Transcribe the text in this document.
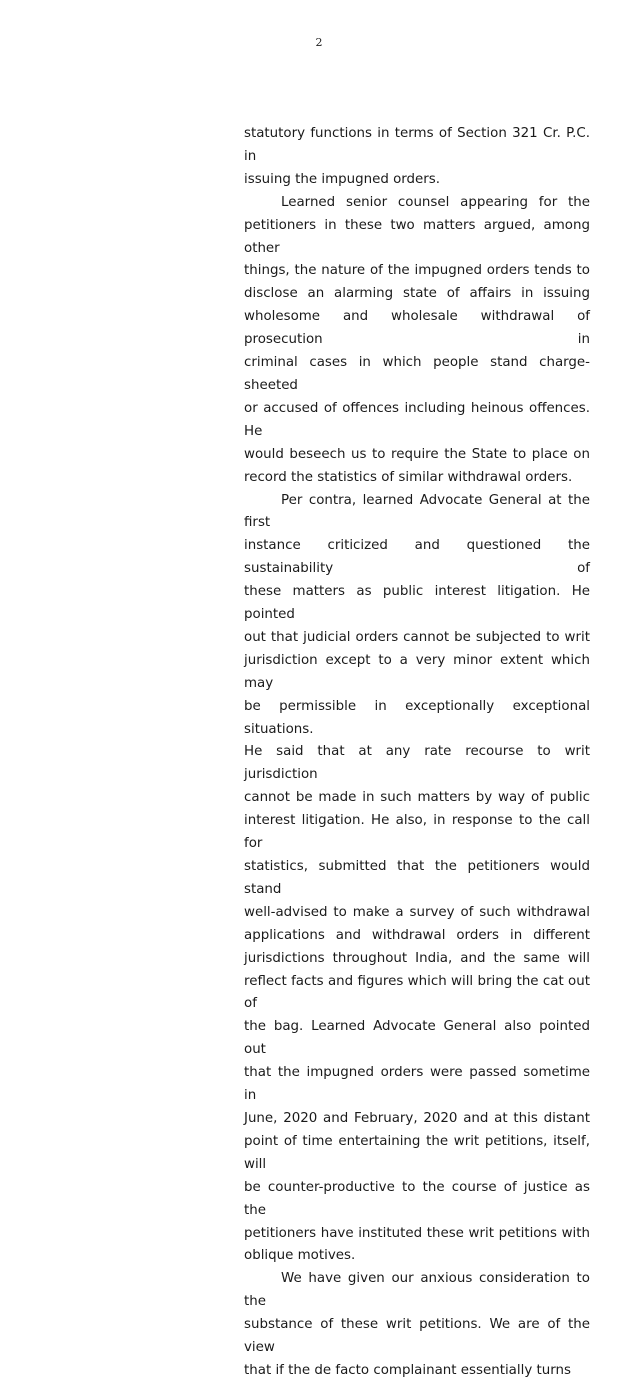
2

statutory functions in terms of Section 321 Cr. P.C. in
issuing the impugned orders.

Learned senior counsel appearing for the
petitioners in these two matters argued, among other
things, the nature of the impugned orders tends to
disclose an alarming state of affairs in issuing
wholesome and wholesale withdrawal of prosecution in
criminal cases in which people stand charge-sheeted
or accused of offences including heinous offences. He
would beseech us to require the State to place on
record the statistics of similar withdrawal orders.

Per contra, learned Advocate General at the first
instance criticized and questioned the sustainability of
these matters as public interest litigation. He pointed
out that judicial orders cannot be subjected to writ
jurisdiction except to a very minor extent which may
be permissible in exceptionally exceptional situations.
He said that at any rate recourse to writ jurisdiction
cannot be made in such matters by way of public
interest litigation. He also, in response to the call for
statistics, submitted that the petitioners would stand
well-advised to make a survey of such withdrawal
applications and withdrawal orders in different
jurisdictions throughout India, and the same will
reflect facts and figures which will bring the cat out of
the bag. Learned Advocate General also pointed out
that the impugned orders were passed sometime in
June, 2020 and February, 2020 and at this distant
point of time entertaining the writ petitions, itself, will
be counter-productive to the course of justice as the
petitioners have instituted these writ petitions with
oblique motives.

We have given our anxious consideration to the
substance of these writ petitions. We are of the view
that if the de facto complainant essentially turns
